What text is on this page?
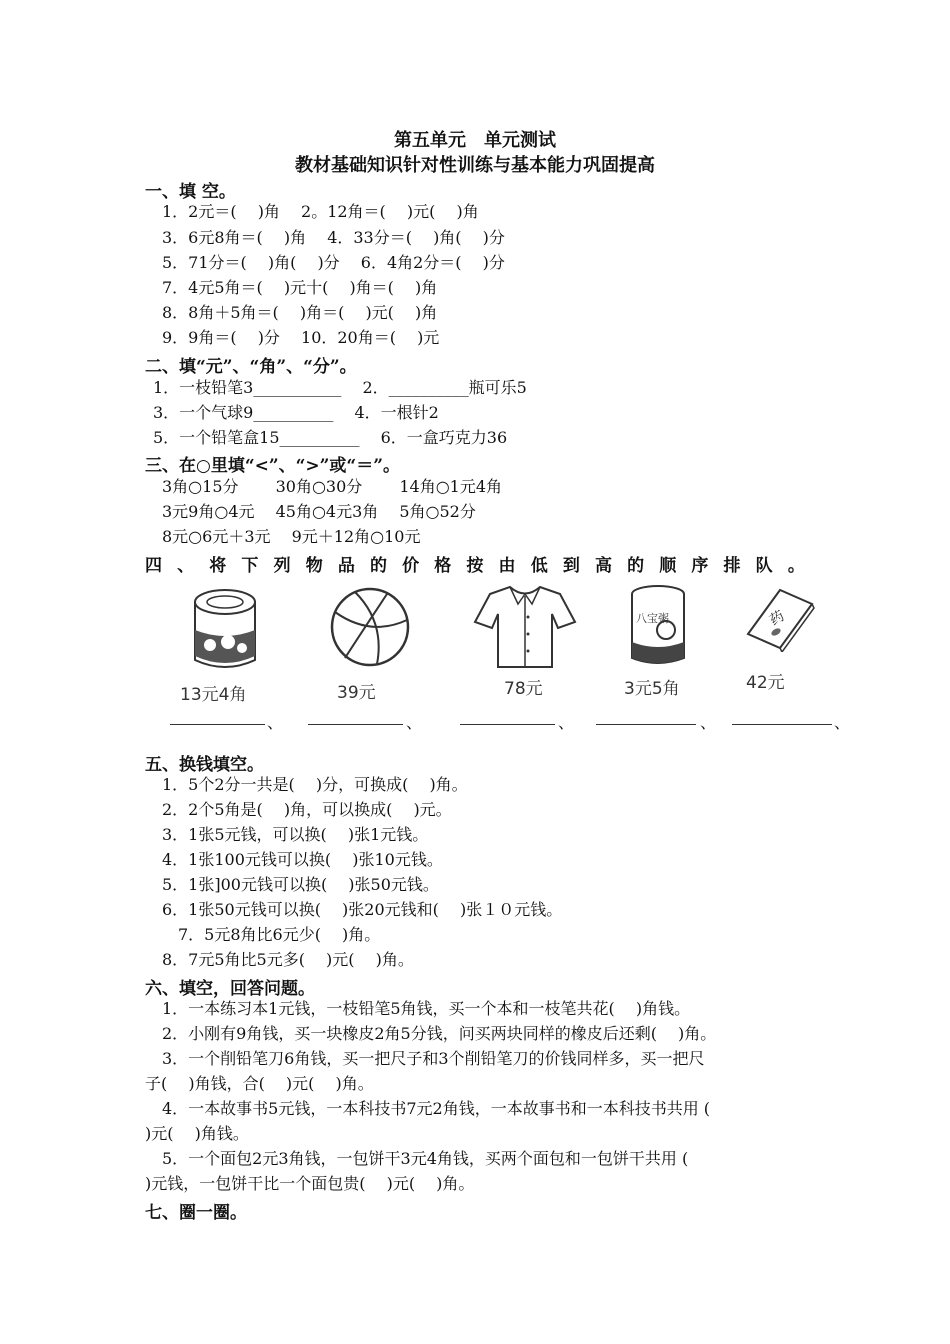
第五单元　单元测试
教材基础知识针对性训练与基本能力巩固提高
一、填 空。
1．2元＝(　 )角　 2。12角＝(　 )元(　 )角
3．6元8角＝(　 )角　 4．33分＝(　 )角(　 )分
5．71分＝(　 )角(　 )分　 6．4角2分＝(　 )分
7．4元5角＝(　 )元十(　 )角＝(　 )角
8．8角＋5角＝(　 )角＝(　 )元(　 )角
9．9角＝(　 )分　 10．20角＝(　 )元
二、填“元”、“角”、“分”。
1．一枝铅笔3___________　 2．__________瓶可乐5
3．一个气球9__________　 4．一根针2
5．一个铅笔盒15__________　 6．一盒巧克力36
三、在○里填“<”、“>”或“＝”。
3角○15分　　 30角○30分　　 14角○1元4角
3元9角○4元　 45角○4元3角　 5角○52分
8元○6元＋3元　 9元＋12角○10元
四 、 将 下 列 物 品 的 价 格 按 由 低 到 高 的 顺 序 排 队 。
13元4角	39元	78元
八宝粥
3元5角
药
42元
、	、	、	、	、
五、换钱填空。
1．5个2分一共是(　 )分，可换成(　 )角。
2．2个5角是(　 )角，可以换成(　 )元。
3．1张5元钱，可以换(　 )张1元钱。
4．1张100元钱可以换(　 )张10元钱。
5．1张]00元钱可以换(　 )张50元钱。
6．1张50元钱可以换(　 )张20元钱和(　 )张１０元钱。
7．5元8角比6元少(　 )角。
8．7元5角比5元多(　 )元(　 )角。
六、填空，回答问题。
1．一本练习本1元钱，一枝铅笔5角钱，买一个本和一枝笔共花(　 )角钱。
2．小刚有9角钱，买一块橡皮2角5分钱，问买两块同样的橡皮后还剩(　 )角。
3．一个削铅笔刀6角钱，买一把尺子和3个削铅笔刀的价钱同样多，买一把尺
子(　 )角钱，合(　 )元(　 )角。
4．一本故事书5元钱，一本科技书7元2角钱，一本故事书和一本科技书共用 (
)元(　 )角钱。
5．一个面包2元3角钱，一包饼干3元4角钱，买两个面包和一包饼干共用 (
)元钱，一包饼干比一个面包贵(　 )元(　 )角。
七、圈一圈。
